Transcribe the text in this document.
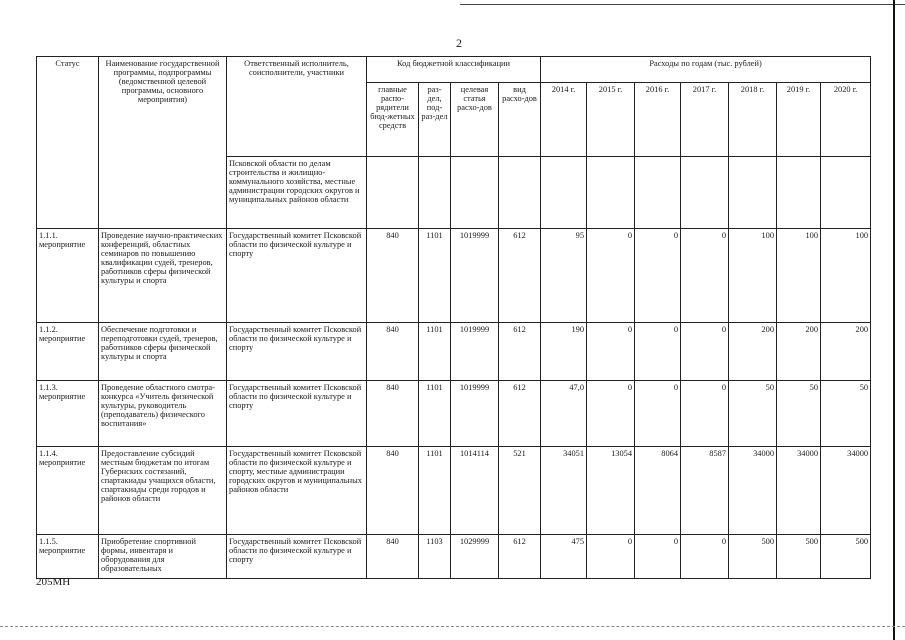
2
Статус	Наименование государственной программы, подпрограммы (ведомственной целевой программы, основного мероприятия)	Ответственный исполнитель, соисполнители, участники	Код бюджетной классификации				Расходы по годам (тыс. рублей)						
			главные распо-рядители бюд-жетных средств	раз-дел, под-раз-дел	целевая статья расхо-дов	вид расхо-дов	2014 г.	2015 г.	2016 г.	2017 г.	2018 г.	2019 г.	2020 г.
		Псковской области по делам строительства и жилищно-коммунального хозяйства, местные администрации городских округов и муниципальных районов области											
1.1.1. мероприятие	Проведение научно-практических конференций, областных семинаров по повышению квалификации судей, тренеров, работников сферы физической культуры и спорта	Государственный комитет Псковской области по физической культуре и спорту	840	1101	1019999	612	95	0	0	0	100	100	100
1.1.2. мероприятие	Обеспечение подготовки и переподготовки судей, тренеров, работников сферы физической культуры и спорта	Государственный комитет Псковской области по физической культуре и спорту	840	1101	1019999	612	190	0	0	0	200	200	200
1.1.3. мероприятие	Проведение областного смотра-конкурса «Учитель физической культуры, руководитель (преподаватель) физического воспитания»	Государственный комитет Псковской области по физической культуре и спорту	840	1101	1019999	612	47,0	0	0	0	50	50	50
1.1.4. мероприятие	Предоставление субсидий местным бюджетам по итогам Губернских состязаний, спартакиады учащихся области, спартакиады среди городов и районов области	Государственный комитет Псковской области по физической культуре и спорту, местные администрации городских округов и муниципальных районов области	840	1101	1014114	521	34051	13054	8064	8587	34000	34000	34000
1.1.5. мероприятие	Приобретение спортивной формы, инвентаря и оборудования для образовательных	Государственный комитет Псковской области по физической культуре и спорту	840	1103	1029999	612	475	0	0	0	500	500	500
205МН
